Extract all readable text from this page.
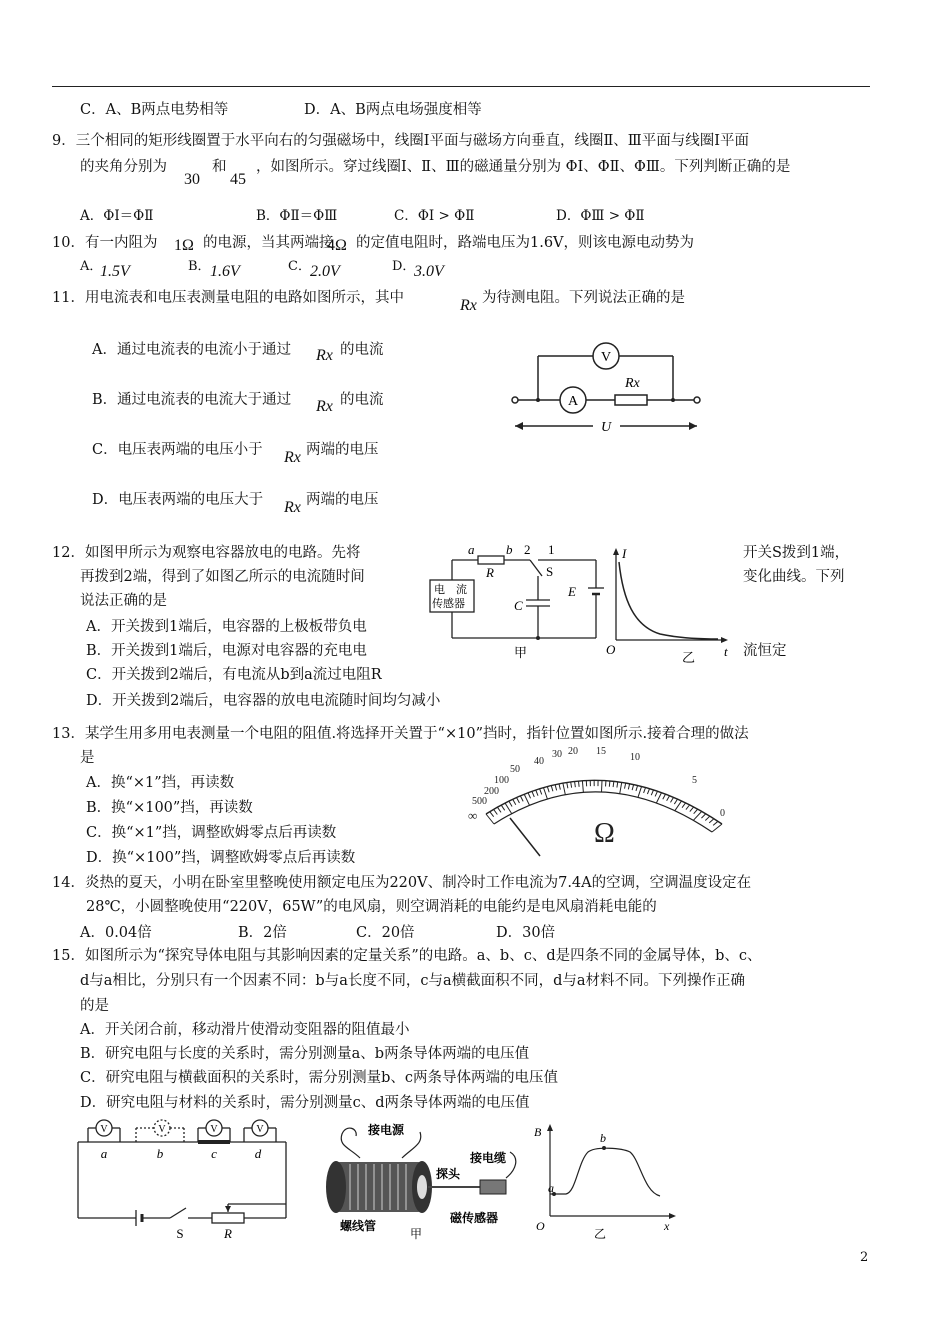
C．A、B两点电势相等	D．A、B两点电场强度相等
9．三个相同的矩形线圈置于水平向右的匀强磁场中，线圈Ⅰ平面与磁场方向垂直，线圈Ⅱ、Ⅲ平面与线圈Ⅰ平面
的夹角分别为
30
和
45
，如图所示。穿过线圈Ⅰ、Ⅱ、Ⅲ的磁通量分别为 ΦⅠ、ΦⅡ、ΦⅢ。下列判断正确的是
A．ΦⅠ＝ΦⅡ	B．ΦⅡ＝ΦⅢ	C．ΦⅠ > ΦⅡ	D．ΦⅢ > ΦⅡ
10．有一内阻为 1Ω 的电源，当其两端接
4Ω 的定值电阻时，路端电压为1.6V，则该电源电动势为
A．
1.5V	B． 1.6V	C． 2.0V	D．
3.0V
11．用电流表和电压表测量电阻的电路如图所示，其中	Rx 为待测电阻。下列说法正确的是
A．通过电流表的电流小于通过 Rx 的电流
B．通过电流表的电流大于通过 Rx 的电流
C．电压表两端的电压小于 Rx 两端的电压
D．电压表两端的电压大于 Rx 两端的电压
V
A
Rx
U
12．如图甲所示为观察电容器放电的电路。先将	开关S拨到1端，
再拨到2端，得到了如图乙所示的电流随时间	变化曲线。下列
说法正确的是
A．开关拨到1端后，电容器的上极板带负电
B．开关拨到1端后，电源对电容器的充电电	流恒定
C．开关拨到2端后，有电流从b到a流过电阻R
D．开关拨到2端后，电容器的放电电流随时间均匀减小
a b 2 1
R	S
电　流
传感器	C
E
甲
I
O	t
乙
13．某学生用多用电表测量一个电阻的阻值.将选择开关置于“×10”挡时，指针位置如图所示.接着合理的做法
是
A．换“×1”挡，再读数
B．换“×100”挡，再读数
C．换“×1”挡，调整欧姆零点后再读数
D．换“×100”挡，调整欧姆零点后再读数
∞
500
200
100
50
40
30 20 15
10
5
0
Ω
14．炎热的夏天，小明在卧室里整晚使用额定电压为220V、制冷时工作电流为7.4A的空调，空调温度设定在
28℃，小圆整晚使用“220V，65W”的电风扇，则空调消耗的电能约是电风扇消耗电能的
A．0.04倍	B．2倍	C．20倍	D．30倍
15．如图所示为“探究导体电阻与其影响因素的定量关系”的电路。a、b、c、d是四条不同的金属导体，b、c、
d与a相比，分别只有一个因素不同：b与a长度不同，c与a横截面积不同，d与a材料不同。下列操作正确
的是
A．开关闭合前，移动滑片使滑动变阻器的阻值最小
B．研究电阻与长度的关系时，需分别测量a、b两条导体两端的电压值
C．研究电阻与横截面积的关系时，需分别测量b、c两条导体两端的电压值
D．研究电阻与材料的关系时，需分别测量c、d两条导体两端的电压值
V	V	V	V
a	b	c	d
S	R
接电源
接电缆
探头
螺线管
磁传感器
甲
B	b
a
O	x
乙
2
